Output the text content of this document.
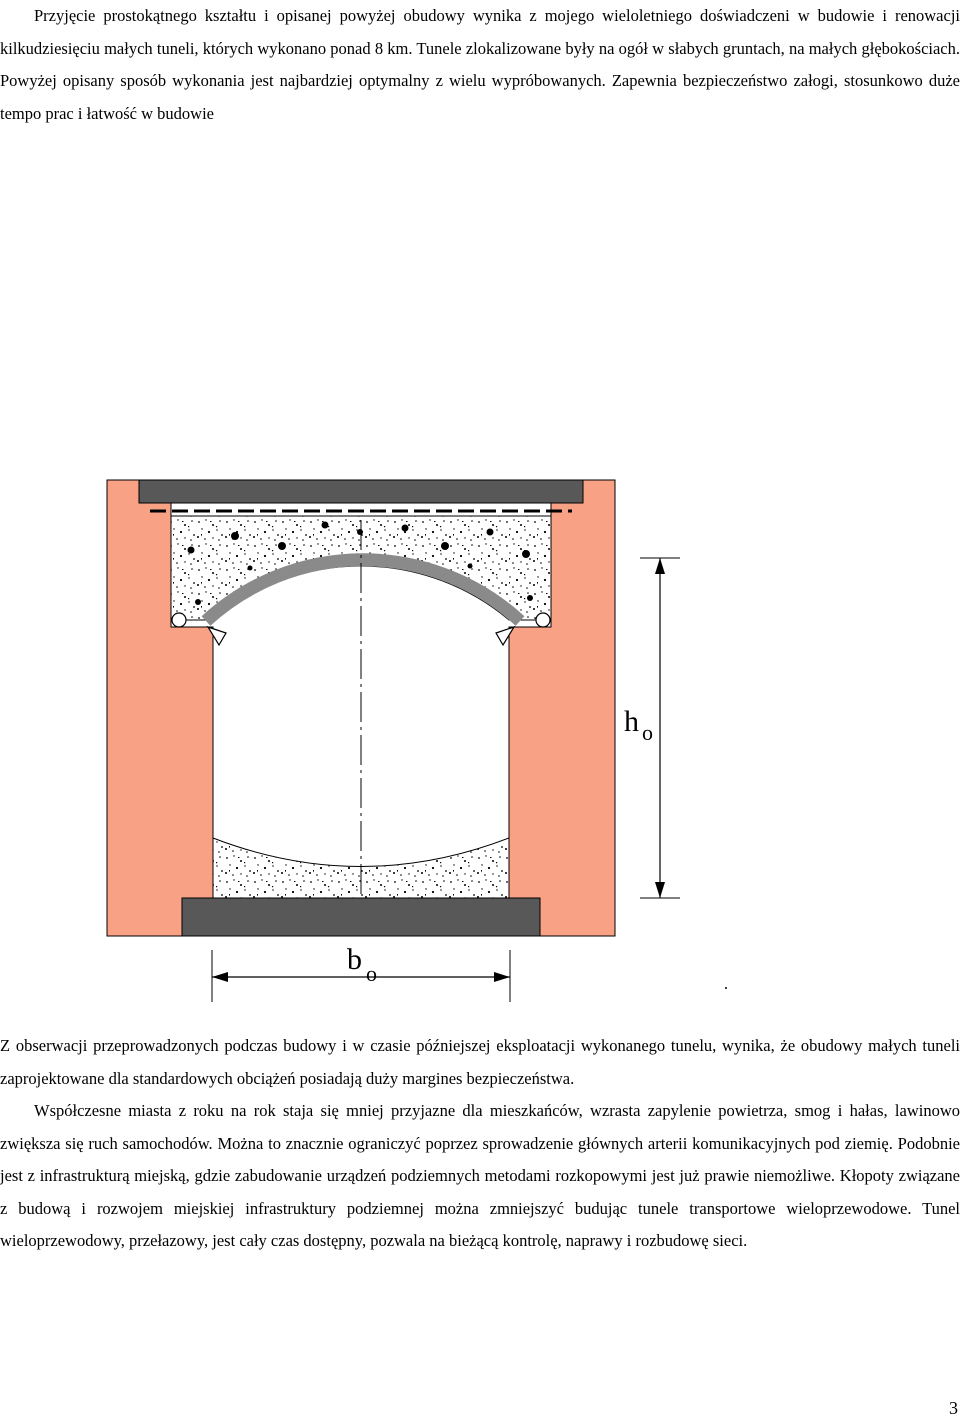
Przyjęcie prostokątnego kształtu i opisanej powyżej obudowy wynika z mojego wieloletniego doświadczeni w budowie i renowacji kilkudziesięciu małych tuneli, których wykonano ponad 8 km. Tunele zlokalizowane były na ogół w słabych gruntach, na małych głębokościach. Powyżej opisany sposób wykonania jest najbardziej optymalny z wielu wypróbowanych. Zapewnia bezpieczeństwo załogi, stosunkowo duże tempo prac i łatwość w budowie

h o
b o

Z obserwacji przeprowadzonych podczas budowy i w czasie późniejszej eksploatacji wykonanego tunelu, wynika, że obudowy małych tuneli zaprojektowane dla standardowych obciążeń posiadają duży margines bezpieczeństwa.

Współczesne miasta z roku na rok staja się mniej przyjazne dla mieszkańców, wzrasta zapylenie powietrza, smog i hałas, lawinowo zwiększa się ruch samochodów. Można to znacznie ograniczyć poprzez sprowadzenie głównych arterii komunikacyjnych pod ziemię. Podobnie jest z infrastrukturą miejską, gdzie zabudowanie urządzeń podziemnych metodami rozkopowymi jest już prawie niemożliwe. Kłopoty związane z budową i rozwojem miejskiej infrastruktury podziemnej można zmniejszyć budując tunele transportowe wieloprzewodowe. Tunel wieloprzewodowy, przełazowy, jest cały czas dostępny, pozwala na bieżącą kontrolę, naprawy i rozbudowę sieci.

3
